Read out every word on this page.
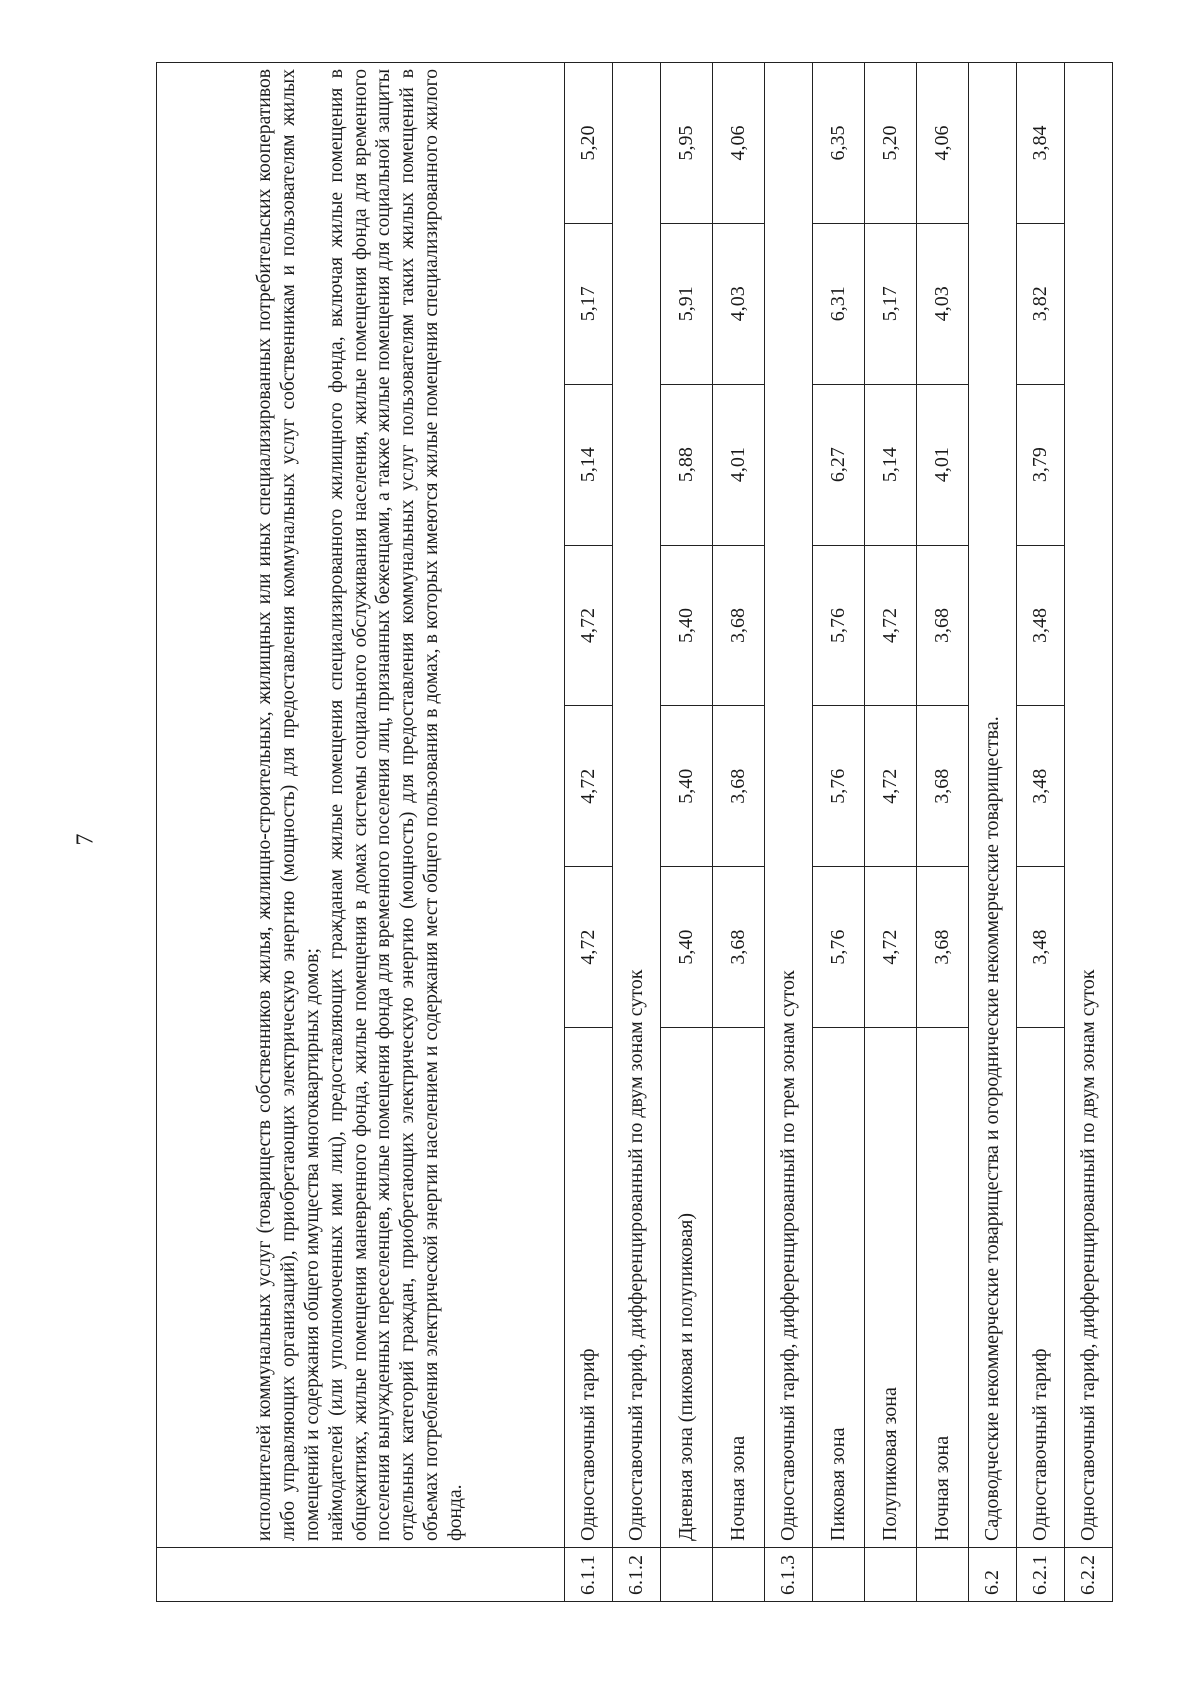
7

	исполнителей коммунальных услуг (товариществ собственников жилья, жилищно-строительных, жилищных или иных специализированных потребительских кооперативов либо управляющих организаций), приобретающих электрическую энергию (мощность) для предоставления коммунальных услуг собственникам и пользователям жилых помещений и содержания общего имущества многоквартирных домов; наймодателей (или уполномоченных ими лиц), предоставляющих гражданам жилые помещения специализированного жилищного фонда, включая жилые помещения в общежитиях, жилые помещения маневренного фонда, жилые помещения в домах системы социального обслуживания населения, жилые помещения фонда для временного поселения вынужденных переселенцев, жилые помещения фонда для временного поселения лиц, признанных беженцами, а также жилые помещения для социальной защиты отдельных категорий граждан, приобретающих электрическую энергию (мощность) для предоставления коммунальных услуг пользователям таких жилых помещений в объемах потребления электрической энергии населением и содержания мест общего пользования в домах, в которых имеются жилые помещения специализированного жилого фонда.						

6.1.1	Одноставочный тариф	4,72	4,72	4,72	5,14	5,17	5,20
6.1.2	Одноставочный тариф, дифференцированный по двум зонам суток						
	Дневная зона (пиковая и полупиковая)	5,40	5,40	5,40	5,88	5,91	5,95
	Ночная зона	3,68	3,68	3,68	4,01	4,03	4,06
6.1.3	Одноставочный тариф, дифференцированный по трем зонам суток						
	Пиковая зона	5,76	5,76	5,76	6,27	6,31	6,35
	Полупиковая зона	4,72	4,72	4,72	5,14	5,17	5,20
	Ночная зона	3,68	3,68	3,68	4,01	4,03	4,06
6.2	Садоводческие некоммерческие товарищества и огороднические некоммерческие товарищества.						
6.2.1	Одноставочный тариф	3,48	3,48	3,48	3,79	3,82	3,84
6.2.2	Одноставочный тариф, дифференцированный по двум зонам суток						
